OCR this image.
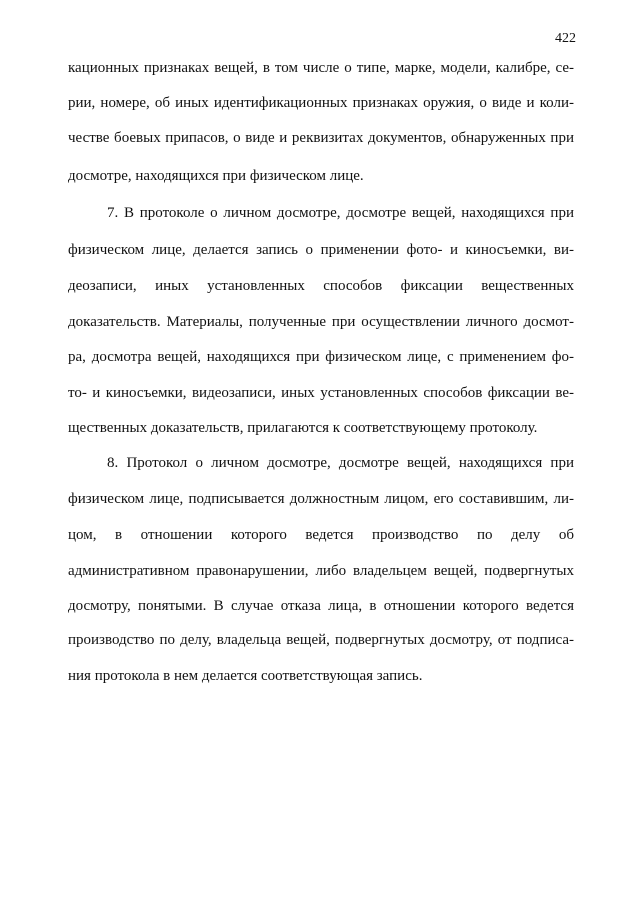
422
кационных признаках вещей, в том числе о типе, марке, модели, калибре, се-
рии, номере, об иных идентификационных признаках оружия, о виде и коли-
честве боевых припасов, о виде и реквизитах документов, обнаруженных при
досмотре, находящихся при физическом лице.
7. В протоколе о личном досмотре, досмотре вещей, находящихся при
физическом лице, делается запись о применении фото- и киносъемки, ви-
деозаписи, иных установленных способов фиксации вещественных
доказательств. Материалы, полученные при осуществлении личного досмот-
ра, досмотра вещей, находящихся при физическом лице, с применением фо-
то- и киносъемки, видеозаписи, иных установленных способов фиксации ве-
щественных доказательств, прилагаются к соответствующему протоколу.
8. Протокол о личном досмотре, досмотре вещей, находящихся при
физическом лице, подписывается должностным лицом, его составившим, ли-
цом, в отношении которого ведется производство по делу об
административном правонарушении, либо владельцем вещей, подвергнутых
досмотру, понятыми. В случае отказа лица, в отношении которого ведется
производство по делу, владельца вещей, подвергнутых досмотру, от подписа-
ния протокола в нем делается соответствующая запись.
